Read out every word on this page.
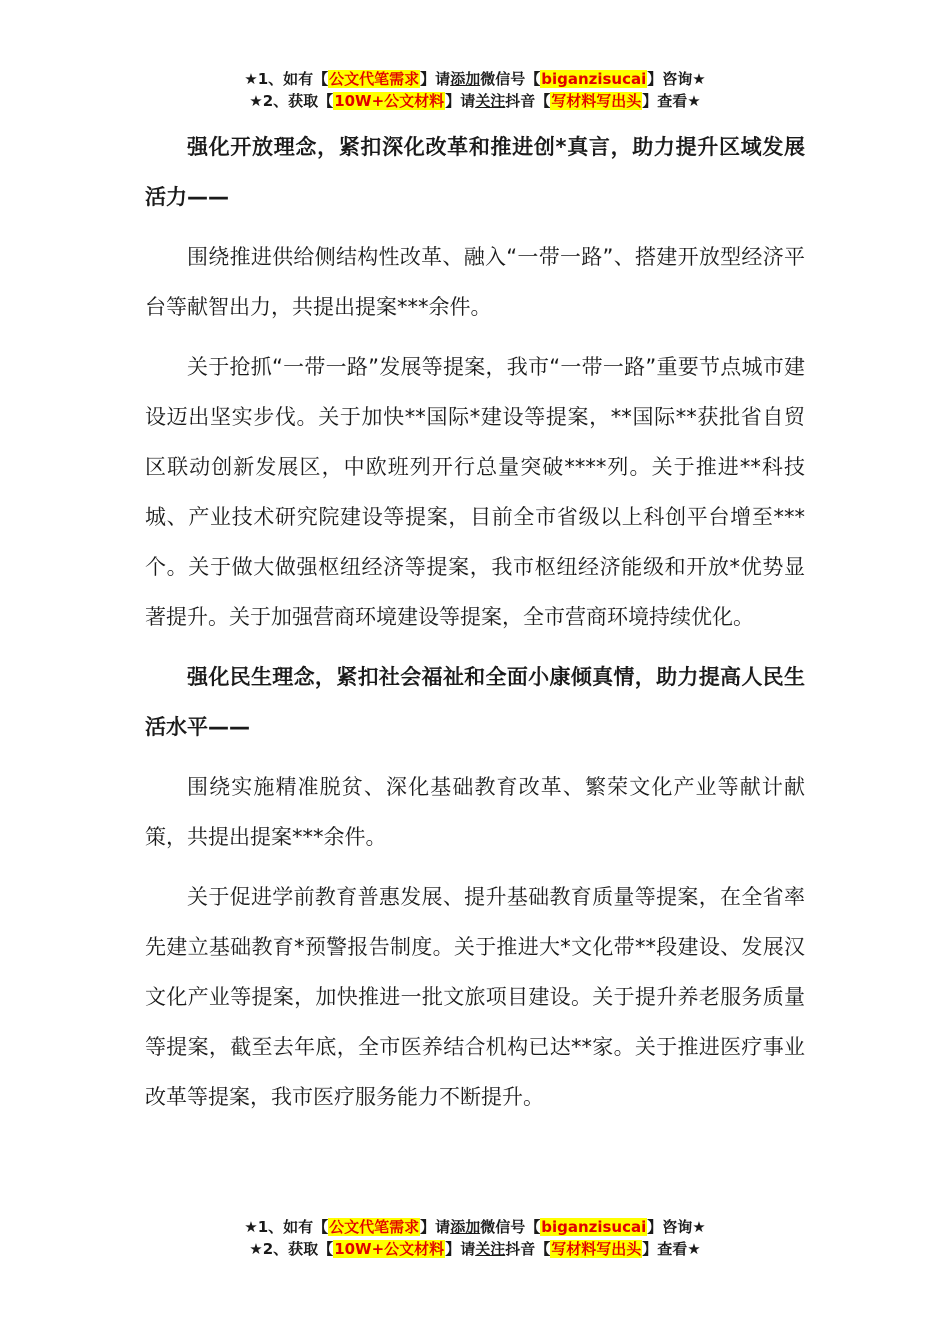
★1、如有【公文代笔需求】请添加微信号【biganzisucai】咨询★
★2、获取【10W+公文材料】请关注抖音【写材料写出头】查看★

强化开放理念，紧扣深化改革和推进创*真言，助力提升区域发展活力——

围绕推进供给侧结构性改革、融入“一带一路”、搭建开放型经济平台等献智出力，共提出提案***余件。

关于抢抓“一带一路”发展等提案，我市“一带一路”重要节点城市建设迈出坚实步伐。关于加快**国际*建设等提案，**国际**获批省自贸区联动创新发展区，中欧班列开行总量突破****列。关于推进**科技城、产业技术研究院建设等提案，目前全市省级以上科创平台增至***个。关于做大做强枢纽经济等提案，我市枢纽经济能级和开放*优势显著提升。关于加强营商环境建设等提案，全市营商环境持续优化。

强化民生理念，紧扣社会福祉和全面小康倾真情，助力提高人民生活水平——

围绕实施精准脱贫、深化基础教育改革、繁荣文化产业等献计献策，共提出提案***余件。

关于促进学前教育普惠发展、提升基础教育质量等提案，在全省率先建立基础教育*预警报告制度。关于推进大*文化带**段建设、发展汉文化产业等提案，加快推进一批文旅项目建设。关于提升养老服务质量等提案，截至去年底，全市医养结合机构已达**家。关于推进医疗事业改革等提案，我市医疗服务能力不断提升。

★1、如有【公文代笔需求】请添加微信号【biganzisucai】咨询★
★2、获取【10W+公文材料】请关注抖音【写材料写出头】查看★
